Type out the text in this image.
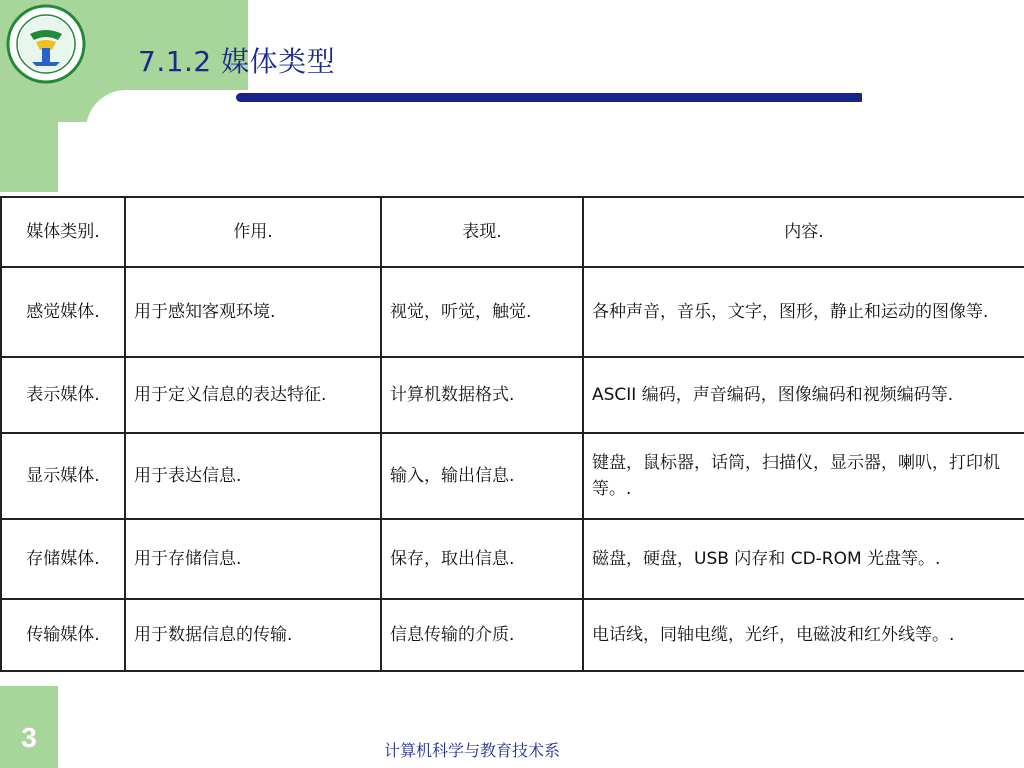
7.1.2 媒体类型
媒体类别.	作用.	表现.	内容.
感觉媒体.	用于感知客观环境.	视觉，听觉，触觉.	各种声音，音乐，文字，图形，静止和运动的图像等.
表示媒体.	用于定义信息的表达特征.	计算机数据格式.	ASCII 编码，声音编码，图像编码和视频编码等.
显示媒体.	用于表达信息.	输入，输出信息.	键盘，鼠标器，话筒，扫描仪，显示器，喇叭，打印机等。.
存储媒体.	用于存储信息.	保存，取出信息.	磁盘，硬盘，USB 闪存和 CD-ROM 光盘等。.
传输媒体.	用于数据信息的传输.	信息传输的介质.	电话线，同轴电缆，光纤，电磁波和红外线等。.
3	计算机科学与教育技术系
